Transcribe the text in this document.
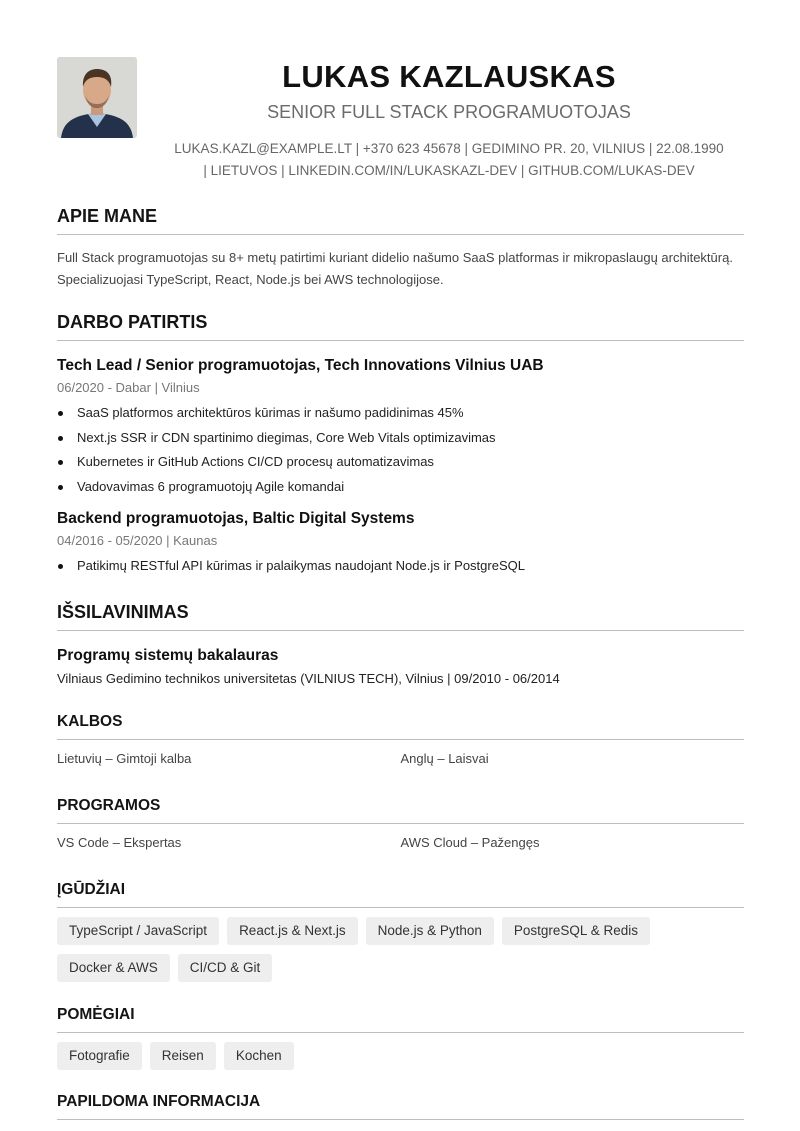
LUKAS KAZLAUSKAS
SENIOR FULL STACK PROGRAMUOTOJAS
LUKAS.KAZL@EXAMPLE.LT | +370 623 45678 | GEDIMINO PR. 20, VILNIUS | 22.08.1990 | LIETUVOS | LINKEDIN.COM/IN/LUKASKAZL-DEV | GITHUB.COM/LUKAS-DEV
APIE MANE

Full Stack programuotojas su 8+ metų patirtimi kuriant didelio našumo SaaS platformas ir mikropaslaugų architektūrą. Specializuojasi TypeScript, React, Node.js bei AWS technologijose.

DARBO PATIRTIS
Tech Lead / Senior programuotojas, Tech Innovations Vilnius UAB
06/2020 - Dabar | Vilnius
SaaS platformos architektūros kūrimas ir našumo padidinimas 45%
Next.js SSR ir CDN spartinimo diegimas, Core Web Vitals optimizavimas
Kubernetes ir GitHub Actions CI/CD procesų automatizavimas
Vadovavimas 6 programuotojų Agile komandai
Backend programuotojas, Baltic Digital Systems
04/2016 - 05/2020 | Kaunas
Patikimų RESTful API kūrimas ir palaikymas naudojant Node.js ir PostgreSQL
IŠSILAVINIMAS
Programų sistemų bakalauras
Vilniaus Gedimino technikos universitetas (VILNIUS TECH), Vilnius | 09/2010 - 06/2014
KALBOS
Lietuvių – Gimtoji kalba	Anglų – Laisvai
PROGRAMOS
VS Code – Ekspertas	AWS Cloud – Pažengęs
ĮGŪDŽIAI
TypeScript / JavaScript	React.js & Next.js	Node.js & Python	PostgreSQL & Redis
Docker & AWS	CI/CD & Git
POMĖGIAI
Fotografie	Reisen	Kochen
PAPILDOMA INFORMACIJA
